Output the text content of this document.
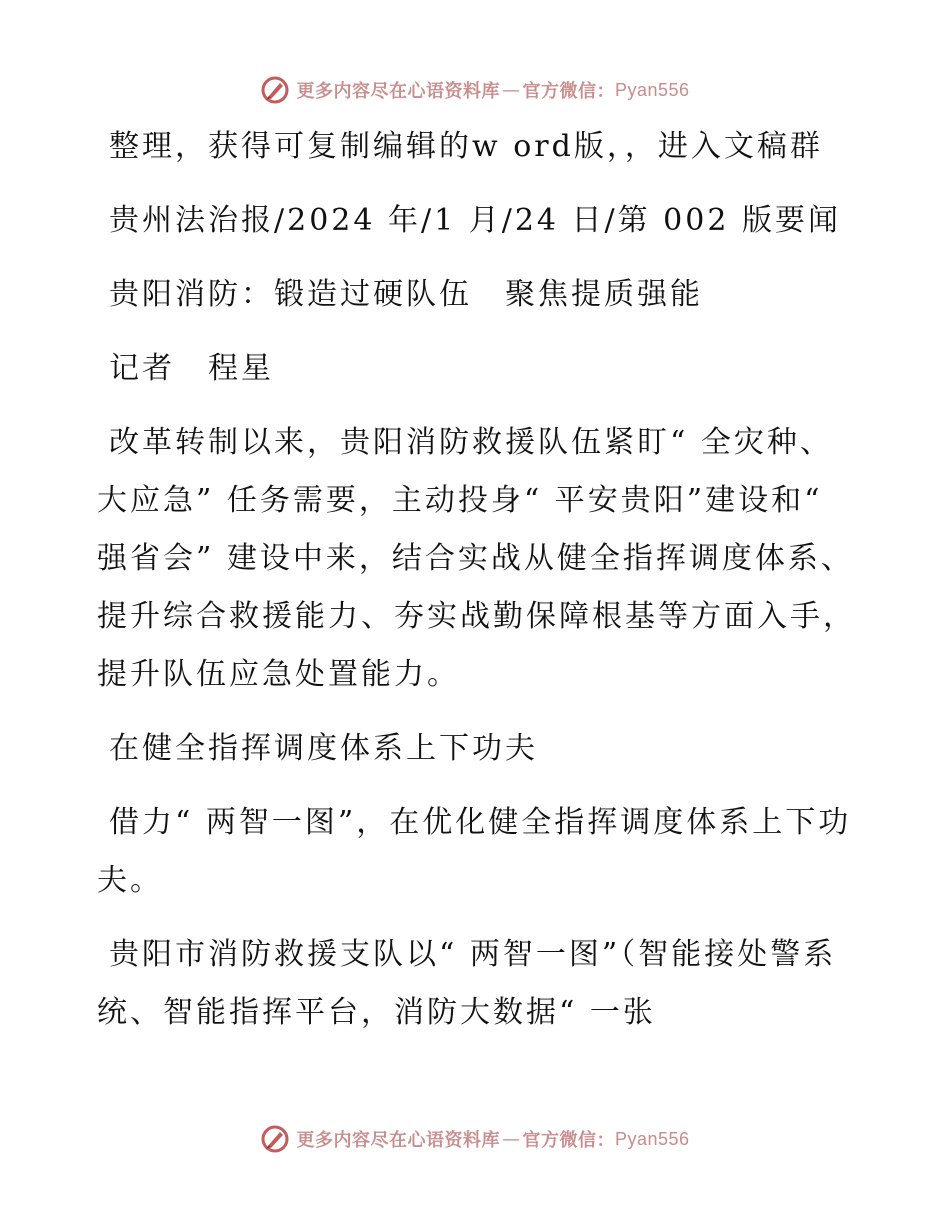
更多内容尽在心语资料库 — 官方微信： Pyan556

整理，获得可复制编辑的w ord版，，进入文稿群

贵州法治报/2024 年/1 月/24 日/第 002 版要闻

贵阳消防：锻造过硬队伍　聚焦提质强能

记者　程星

改革转制以来，贵阳消防救援队伍紧盯“ 全灾种、大应急” 任务需要，主动投身“ 平安贵阳”建设和“ 强省会” 建设中来，结合实战从健全指挥调度体系、提升综合救援能力、夯实战勤保障根基等方面入手，提升队伍应急处置能力。

在健全指挥调度体系上下功夫

借力“ 两智一图”，在优化健全指挥调度体系上下功夫。

贵阳市消防救援支队以“ 两智一图”（智能接处警系统、智能指挥平台，消防大数据“ 一张

更多内容尽在心语资料库 — 官方微信： Pyan556
